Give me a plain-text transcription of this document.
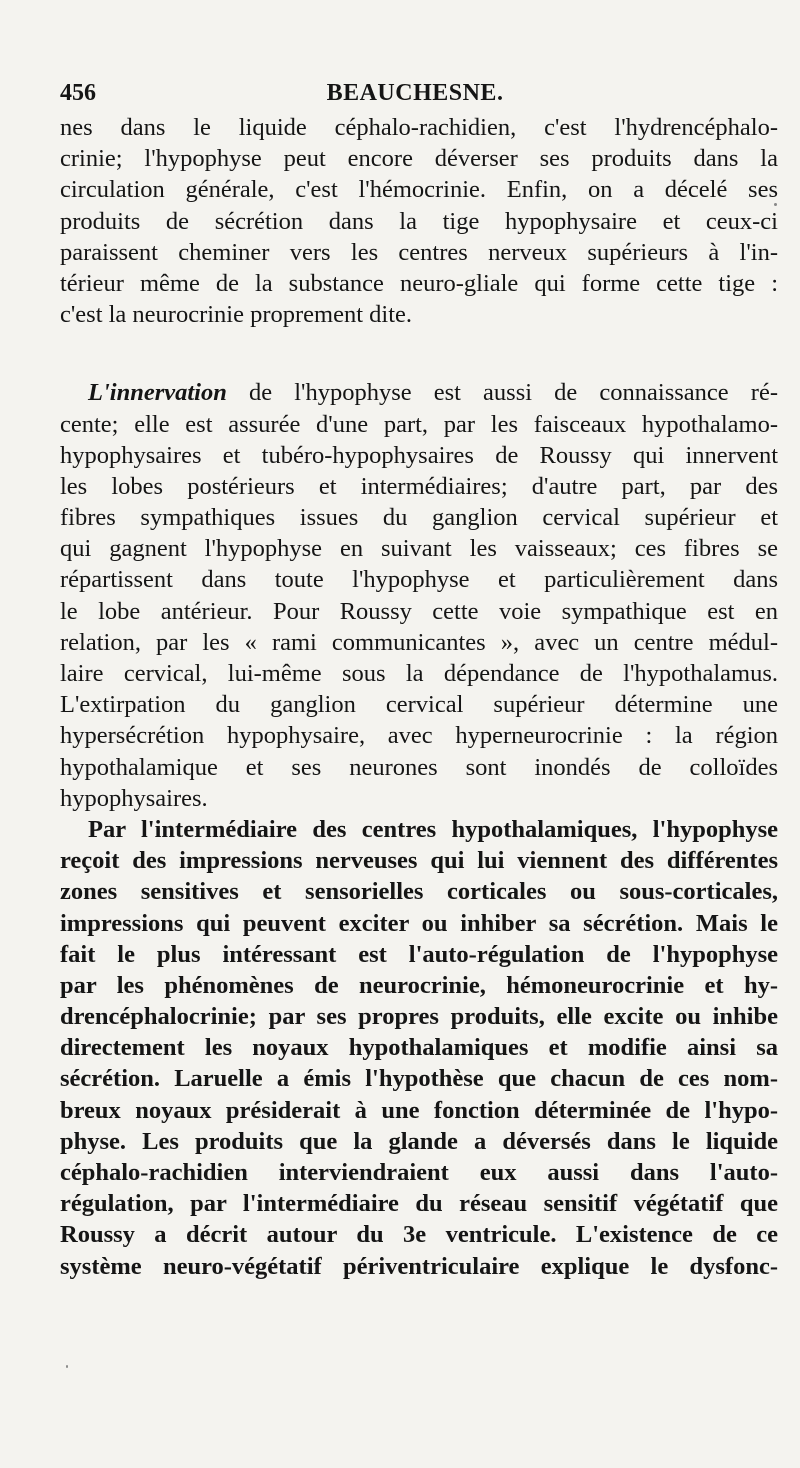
456	BEAUCHESNE.
nes dans le liquide céphalo-rachidien, c'est l'hydrencéphalo-
crinie; l'hypophyse peut encore déverser ses produits dans la
circulation générale, c'est l'hémocrinie. Enfin, on a décelé ses
produits de sécrétion dans la tige hypophysaire et ceux-ci
paraissent cheminer vers les centres nerveux supérieurs à l'in-
térieur même de la substance neuro-gliale qui forme cette tige :
c'est la neurocrinie proprement dite.
L'innervation de l'hypophyse est aussi de connaissance ré-
cente; elle est assurée d'une part, par les faisceaux hypothalamo-
hypophysaires et tubéro-hypophysaires de Roussy qui innervent
les lobes postérieurs et intermédiaires; d'autre part, par des
fibres sympathiques issues du ganglion cervical supérieur et
qui gagnent l'hypophyse en suivant les vaisseaux; ces fibres se
répartissent dans toute l'hypophyse et particulièrement dans
le lobe antérieur. Pour Roussy cette voie sympathique est en
relation, par les « rami communicantes », avec un centre médul-
laire cervical, lui-même sous la dépendance de l'hypothalamus.
L'extirpation du ganglion cervical supérieur détermine une
hypersécrétion hypophysaire, avec hyperneurocrinie : la région
hypothalamique et ses neurones sont inondés de colloïdes
hypophysaires.
Par l'intermédiaire des centres hypothalamiques, l'hypophyse
reçoit des impressions nerveuses qui lui viennent des différentes
zones sensitives et sensorielles corticales ou sous-corticales,
impressions qui peuvent exciter ou inhiber sa sécrétion. Mais le
fait le plus intéressant est l'auto-régulation de l'hypophyse
par les phénomènes de neurocrinie, hémoneurocrinie et hy-
drencéphalocrinie; par ses propres produits, elle excite ou inhibe
directement les noyaux hypothalamiques et modifie ainsi sa
sécrétion. Laruelle a émis l'hypothèse que chacun de ces nom-
breux noyaux présiderait à une fonction déterminée de l'hypo-
physe. Les produits que la glande a déversés dans le liquide
céphalo-rachidien interviendraient eux aussi dans l'auto-
régulation, par l'intermédiaire du réseau sensitif végétatif que
Roussy a décrit autour du 3e ventricule. L'existence de ce
système neuro-végétatif périventriculaire explique le dysfonc-
